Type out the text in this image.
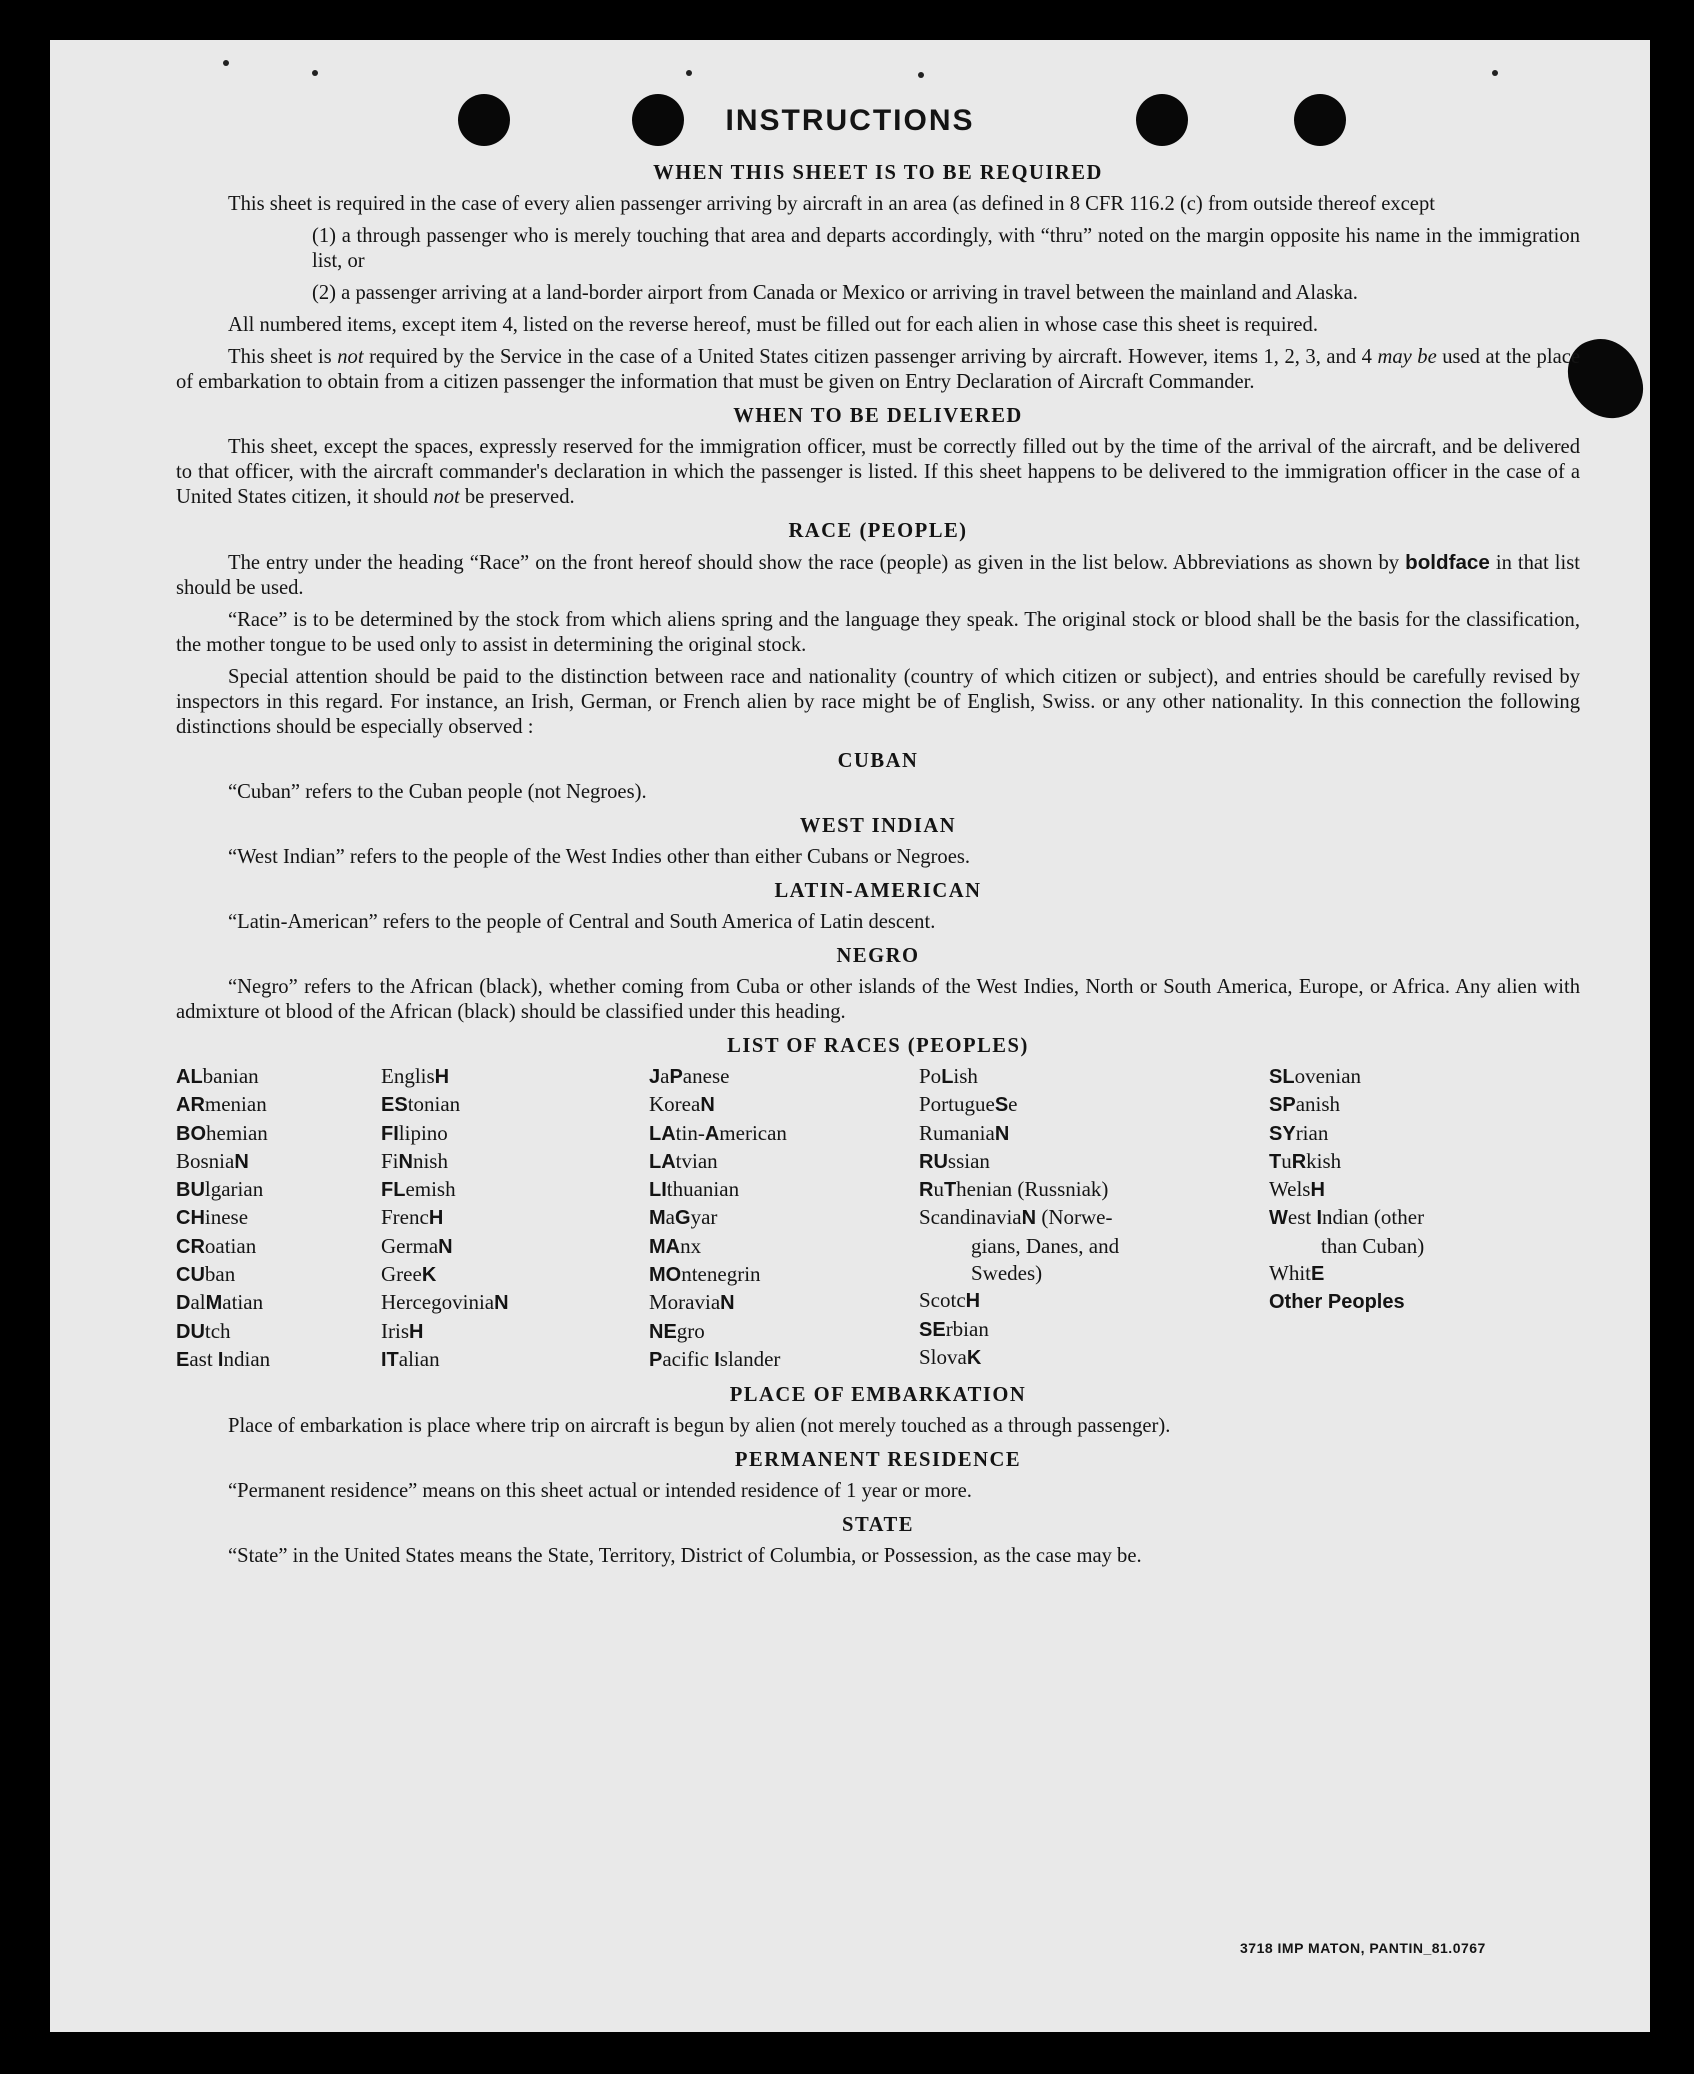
INSTRUCTIONS
WHEN THIS SHEET IS TO BE REQUIRED

This sheet is required in the case of every alien passenger arriving by aircraft in an area (as defined in 8 CFR 116.2 (c) from outside thereof except

(1) a through passenger who is merely touching that area and departs accordingly, with “thru” noted on the margin opposite his name in the immigration list, or

(2) a passenger arriving at a land-border airport from Canada or Mexico or arriving in travel between the mainland and Alaska.

All numbered items, except item 4, listed on the reverse hereof, must be filled out for each alien in whose case this sheet is required.

This sheet is not required by the Service in the case of a United States citizen passenger arriving by aircraft. However, items 1, 2, 3, and 4 may be used at the place of embarkation to obtain from a citizen passenger the information that must be given on Entry Declaration of Aircraft Commander.

WHEN TO BE DELIVERED

This sheet, except the spaces, expressly reserved for the immigration officer, must be correctly filled out by the time of the arrival of the aircraft, and be delivered to that officer, with the aircraft commander's declaration in which the passenger is listed. If this sheet happens to be delivered to the immigration officer in the case of a United States citizen, it should not be preserved.

RACE (PEOPLE)

The entry under the heading “Race” on the front hereof should show the race (people) as given in the list below. Abbreviations as shown by boldface in that list should be used.

“Race” is to be determined by the stock from which aliens spring and the language they speak. The original stock or blood shall be the basis for the classification, the mother tongue to be used only to assist in determining the original stock.

Special attention should be paid to the distinction between race and nationality (country of which citizen or subject), and entries should be carefully revised by inspectors in this regard. For instance, an Irish, German, or French alien by race might be of English, Swiss. or any other nationality. In this connection the following distinctions should be especially observed :

CUBAN

“Cuban” refers to the Cuban people (not Negroes).

WEST INDIAN

“West Indian” refers to the people of the West Indies other than either Cubans or Negroes.

LATIN-AMERICAN

“Latin-American” refers to the people of Central and South America of Latin descent.

NEGRO

“Negro” refers to the African (black), whether coming from Cuba or other islands of the West Indies, North or South America, Europe, or Africa. Any alien with admixture ot blood of the African (black) should be classified under this heading.

LIST OF RACES (PEOPLES)
ALbanian
ARmenian
BOhemian
BosniaN
BUlgarian
CHinese
CRoatian
CUban
DalMatian
DUtch
East Indian
EnglisH
EStonian
FIlipino
FiNnish
FLemish
FrencH
GermaN
GreeK
HercegoviniaN
IrisH
ITalian
JaPanese
KoreaN
LAtin-American
LAtvian
LIthuanian
MaGyar
MAnx
MOntenegrin
MoraviaN
NEgro
Pacific Islander
PoLish
PortugueSe
RumaniaN
RUssian
RuThenian (Russniak)
ScandinaviaN (Norwe-
gians, Danes, and
Swedes)
ScotcH
SErbian
SlovaK
SLovenian
SPanish
SYrian
TuRkish
WelsH
West Indian (other
than Cuban)
WhitE
Other Peoples
PLACE OF EMBARKATION

Place of embarkation is place where trip on aircraft is begun by alien (not merely touched as a through passenger).

PERMANENT RESIDENCE

“Permanent residence” means on this sheet actual or intended residence of 1 year or more.

STATE

“State” in the United States means the State, Territory, District of Columbia, or Possession, as the case may be.

3718 IMP MATON, PANTIN_81.0767
